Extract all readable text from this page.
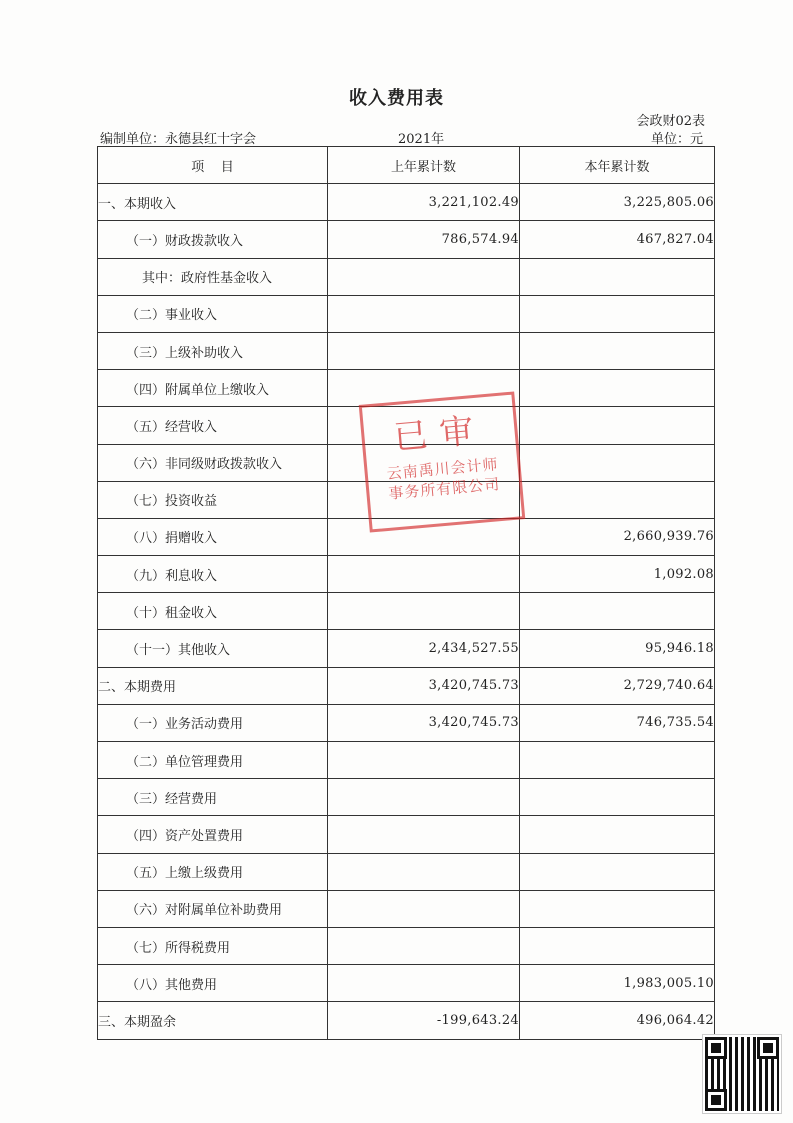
收入费用表
会政财02表
编制单位：永德县红十字会	2021年	单位：元
项    目	上年累计数	本年累计数
一、本期收入	3,221,102.49	3,225,805.06
（一）财政拨款收入	786,574.94	467,827.04
其中：政府性基金收入		
（二）事业收入		
（三）上级补助收入		
（四）附属单位上缴收入		
（五）经营收入		
（六）非同级财政拨款收入		
（七）投资收益		
（八）捐赠收入		2,660,939.76
（九）利息收入		1,092.08
（十）租金收入		
（十一）其他收入	2,434,527.55	95,946.18
二、本期费用	3,420,745.73	2,729,740.64
（一）业务活动费用	3,420,745.73	746,735.54
（二）单位管理费用		
（三）经营费用		
（四）资产处置费用		
（五）上缴上级费用		
（六）对附属单位补助费用		
（七）所得税费用		
（八）其他费用		1,983,005.10
三、本期盈余	-199,643.24	496,064.42
已审
云南禹川会计师
事务所有限公司
